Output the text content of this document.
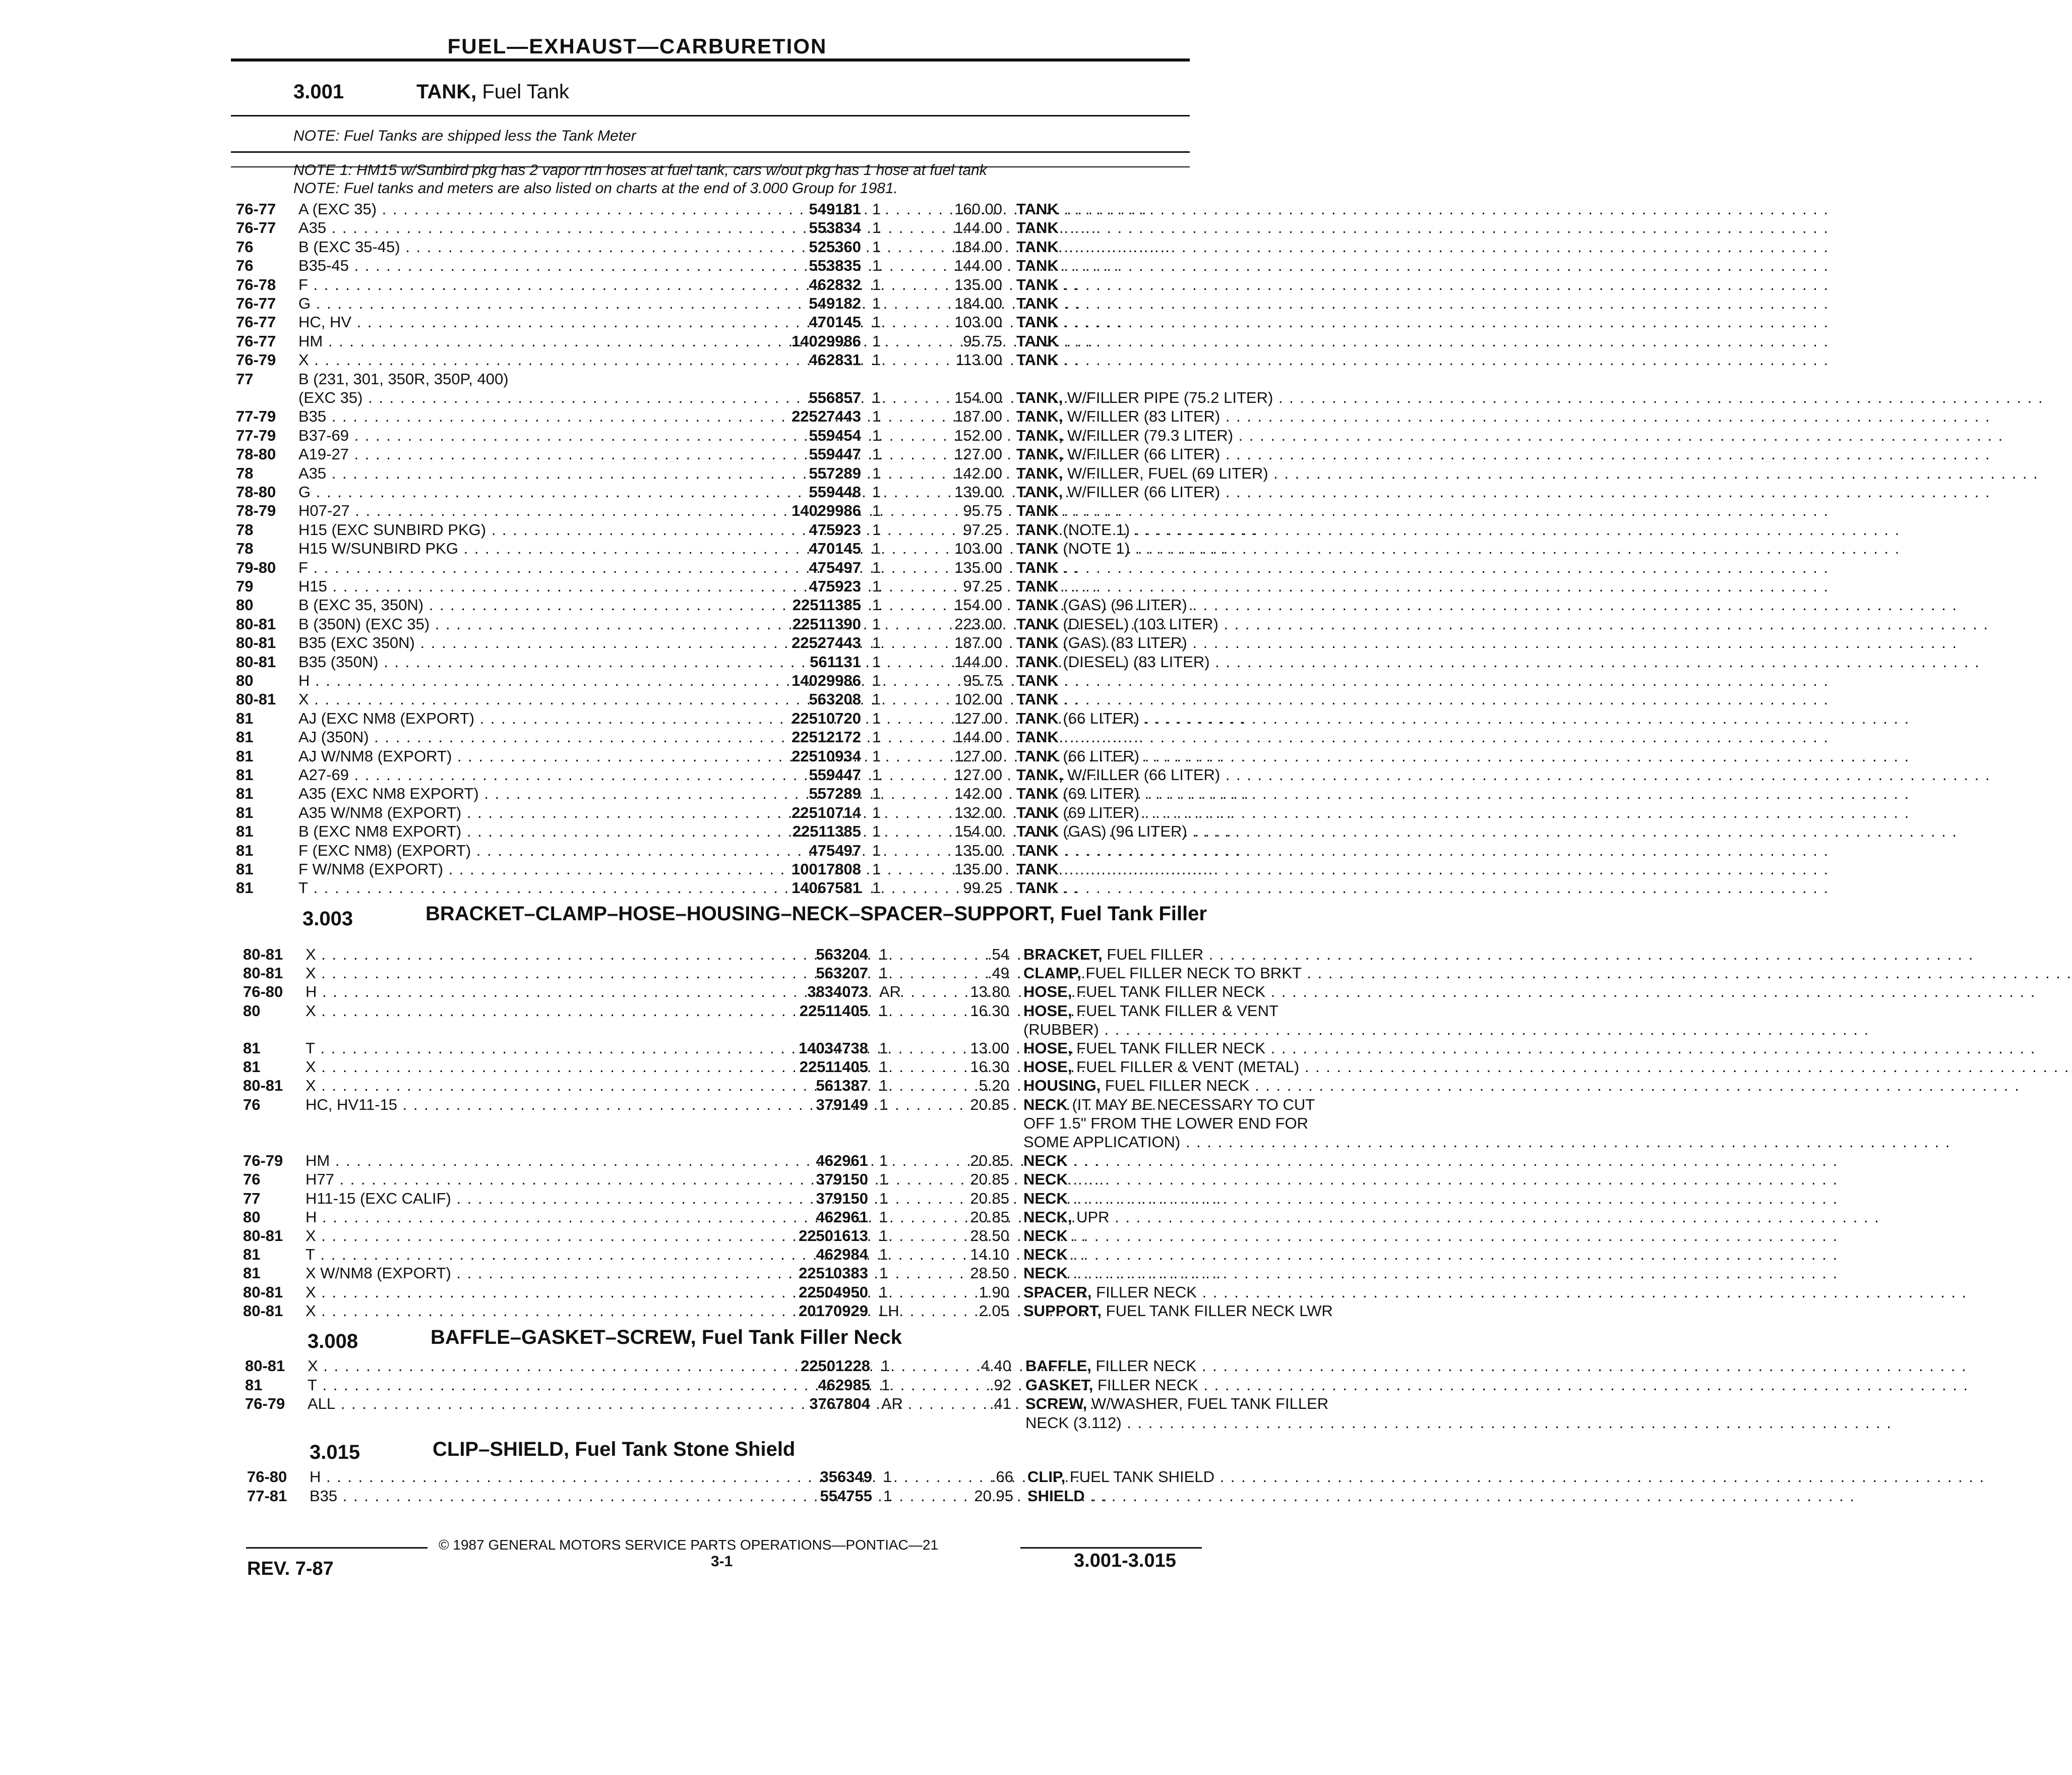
FUEL—EXHAUST—CARBURETION
3.001	TANK, Fuel Tank
NOTE: Fuel Tanks are shipped less the Tank Meter
NOTE 1: HM15 w/Sunbird pkg has 2 vapor rtn hoses at fuel tank, cars w/out pkg has 1 hose at fuel tank
NOTE: Fuel tanks and meters are also listed on charts at the end of 3.000 Group for 1981.
76-77	A (EXC 35) . . .	549181 1	160.00 TANK . . .
76-77	A35 . . .	553834 1	144.00 TANK . . .
76	B (EXC 35-45) . . .	525360 1	184.00 TANK . . .
76	B35-45 . . .	553835 1	144.00 TANK . . .
76-78	F . . .	462832 1	135.00 TANK . . .
76-77	G . . .	549182 1	184.00 TANK . . .
76-77	HC, HV . . .	470145 1	103.00 TANK . . .
76-77	HM . . .	14029986 1	95.75 TANK . . .
76-79	X . . .	462831 1	113.00 TANK . . .
77	B (231, 301, 350R, 350P, 400)
(EXC 35) . . .	556857 1	154.00 TANK, W/FILLER PIPE (75.2 LITER) . . .
77-79	B35 . . .	22527443 1	187.00 TANK, W/FILLER (83 LITER) . . .
77-79	B37-69 . . .	559454 1	152.00 TANK, W/FILLER (79.3 LITER) . . .
78-80	A19-27 . . .	559447 1	127.00 TANK, W/FILLER (66 LITER) . . .
78	A35 . . .	557289 1	142.00 TANK, W/FILLER, FUEL (69 LITER) . . .
78-80	G . . .	559448 1	139.00 TANK, W/FILLER (66 LITER) . . .
78-79	H07-27 . . .	14029986 1	95.75 TANK . . .
78	H15 (EXC SUNBIRD PKG) . . .	475923 1	97.25 TANK (NOTE 1) . . .
78	H15 W/SUNBIRD PKG . . .	470145 1	103.00 TANK (NOTE 1) . . .
79-80	F . . .	475497 1	135.00 TANK . . .
79	H15 . . .	475923 1	97.25 TANK . . .
80	B (EXC 35, 350N) . . .	22511385 1	154.00 TANK (GAS) (96 LITER) . . .
80-81	B (350N) (EXC 35) . . .	22511390 1	223.00 TANK (DIESEL) (103 LITER) . . .
80-81	B35 (EXC 350N) . . .	22527443 1	187.00 TANK (GAS) (83 LITER) . . .
80-81	B35 (350N) . . .	561131 1	144.00 TANK (DIESEL) (83 LITER) . . .
80	H . . .	14029986 1	95.75 TANK . . .
80-81	X . . .	563208 1	102.00 TANK . . .
81	AJ (EXC NM8 (EXPORT) . . .	22510720 1	127.00 TANK (66 LITER) . . .
81	AJ (350N) . . .	22512172 1	144.00 TANK . . .
81	AJ W/NM8 (EXPORT) . . .	22510934 1	127.00 TANK (66 LITER) . . .
81	A27-69 . . .	559447 1	127.00 TANK, W/FILLER (66 LITER) . . .
81	A35 (EXC NM8 EXPORT) . . .	557289 1	142.00 TANK (69 LITER) . . .
81	A35 W/NM8 (EXPORT) . . .	22510714 1	132.00 TANK (69 LITER) . . .
81	B (EXC NM8 EXPORT) . . .	22511385 1	154.00 TANK (GAS) (96 LITER) . . .
81	F (EXC NM8) (EXPORT) . . .	475497 1	135.00 TANK . . .
81	F W/NM8 (EXPORT) . . .	10017808 1	135.00 TANK . . .
81	T . . .	14067581 1	99.25 TANK . . .
3.003	BRACKET–CLAMP–HOSE–HOUSING–NECK–SPACER–SUPPORT, Fuel Tank Filler
80-81	X . . .	563204 1	.54 BRACKET, FUEL FILLER . . .
80-81	X . . .	563207 1	.49 CLAMP, FUEL FILLER NECK TO BRKT . . .
76-80	H . . .	3834073 AR	13.80 HOSE, FUEL TANK FILLER NECK . . .
80	X . . .	22511405 1	16.30 HOSE, FUEL TANK FILLER & VENT
(RUBBER) . . .
81	T . . .	14034738 1	13.00 HOSE, FUEL TANK FILLER NECK . . .
81	X . . .	22511405 1	16.30 HOSE, FUEL FILLER & VENT (METAL) . . .
80-81	X . . .	561387 1	5.20 HOUSING, FUEL FILLER NECK . . .
76	HC, HV11-15 . . .	379149 1	20.85 NECK (IT MAY BE NECESSARY TO CUT
OFF 1.5" FROM THE LOWER END FOR
SOME APPLICATION) . . .
76-79	HM . . .	462961 1	20.85 NECK . . .
76	H77 . . .	379150 1	20.85 NECK . . .
77	H11-15 (EXC CALIF) . . .	379150 1	20.85 NECK . . .
80	H . . .	462961 1	20.85 NECK, UPR . . .
80-81	X . . .	22501613 1	28.50 NECK . . .
81	T . . .	462984 1	14.10 NECK . . .
81	X W/NM8 (EXPORT) . . .	22510383 1	28.50 NECK . . .
80-81	X . . .	22504950 1	1.90 SPACER, FILLER NECK . . .
80-81	X . . .	20170929 LH	2.05 SUPPORT, FUEL TANK FILLER NECK LWR
3.008	BAFFLE–GASKET–SCREW, Fuel Tank Filler Neck
80-81	X . . .	22501228 1	4.40 BAFFLE, FILLER NECK . . .
81	T . . .	462985 1	.92 GASKET, FILLER NECK . . .
76-79	ALL . . .	3767804 AR	.41 SCREW, W/WASHER, FUEL TANK FILLER
NECK (3.112) . . .
3.015	CLIP–SHIELD, Fuel Tank Stone Shield
76-80	H . . .	356349 1	.66 CLIP, FUEL TANK SHIELD . . .
77-81	B35 . . .	554755 1	20.95 SHIELD . . .
© 1987 GENERAL MOTORS SERVICE PARTS OPERATIONS—PONTIAC—21
REV. 7-87	3-1	3.001-3.015
